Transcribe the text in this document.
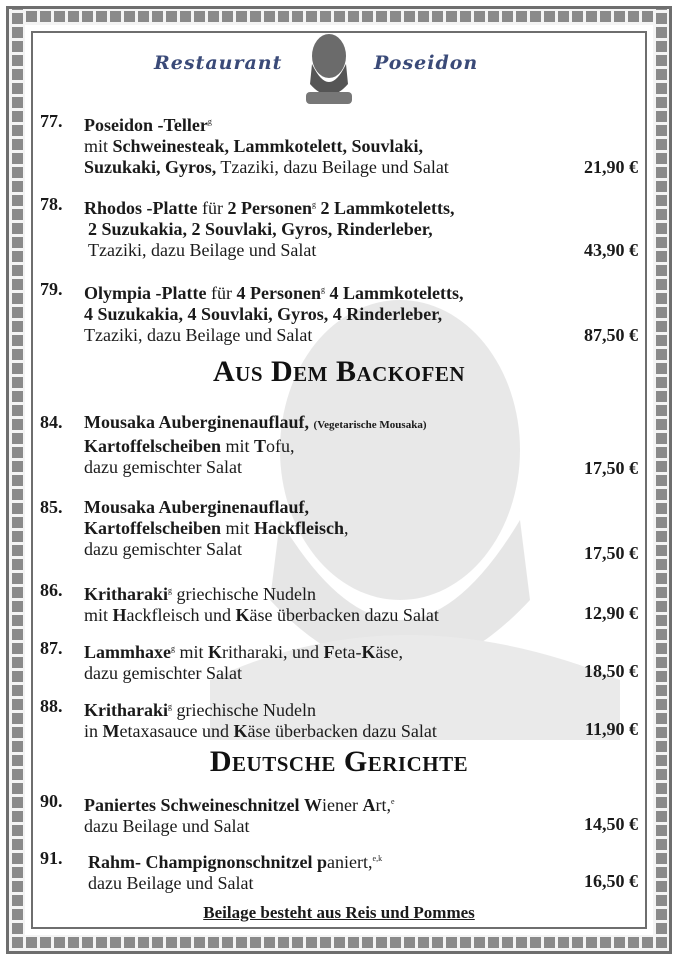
Restaurant	Poseidon
77. Poseidon -Teller$^g$
mit Schweinesteak, Lammkotelett, Souvlaki,
Suzukaki, Gyros, Tzaziki, dazu Beilage und Salat	21,90 €
78. Rhodos -Platte für 2 Personen$^g$ 2 Lammkoteletts,
2 Suzukakia, 2 Souvlaki, Gyros, Rinderleber,
Tzaziki, dazu Beilage und Salat	43,90 €
79. Olympia -Platte für 4 Personen$^g$ 4 Lammkoteletts,
4 Suzukakia, 4 Souvlaki, Gyros, 4 Rinderleber,
Tzaziki, dazu Beilage und Salat	87,50 €
Aus Dem Backofen
84. Mousaka Auberginenauflauf, (Vegetarische Mousaka)
Kartoffelscheiben mit Tofu,
dazu gemischter Salat	17,50 €
85. Mousaka Auberginenauflauf,
Kartoffelscheiben mit Hackfleisch,
dazu gemischter Salat	17,50 €
86. Kritharaki$^g$ griechische Nudeln
mit Hackfleisch und Käse überbacken dazu Salat	12,90 €
87. Lammhaxe$^g$ mit Kritharaki, und Feta-Käse,
dazu gemischter Salat	18,50 €
88. Kritharaki$^g$ griechische Nudeln
in Metaxasauce und Käse überbacken dazu Salat	11,90 €
Deutsche Gerichte
90. Paniertes Schweineschnitzel Wiener Art,$^e$
dazu Beilage und Salat	14,50 €
91. Rahm- Champignonschnitzel paniert,$^{e,k}$
dazu Beilage und Salat	16,50 €
Beilage besteht aus Reis und Pommes
